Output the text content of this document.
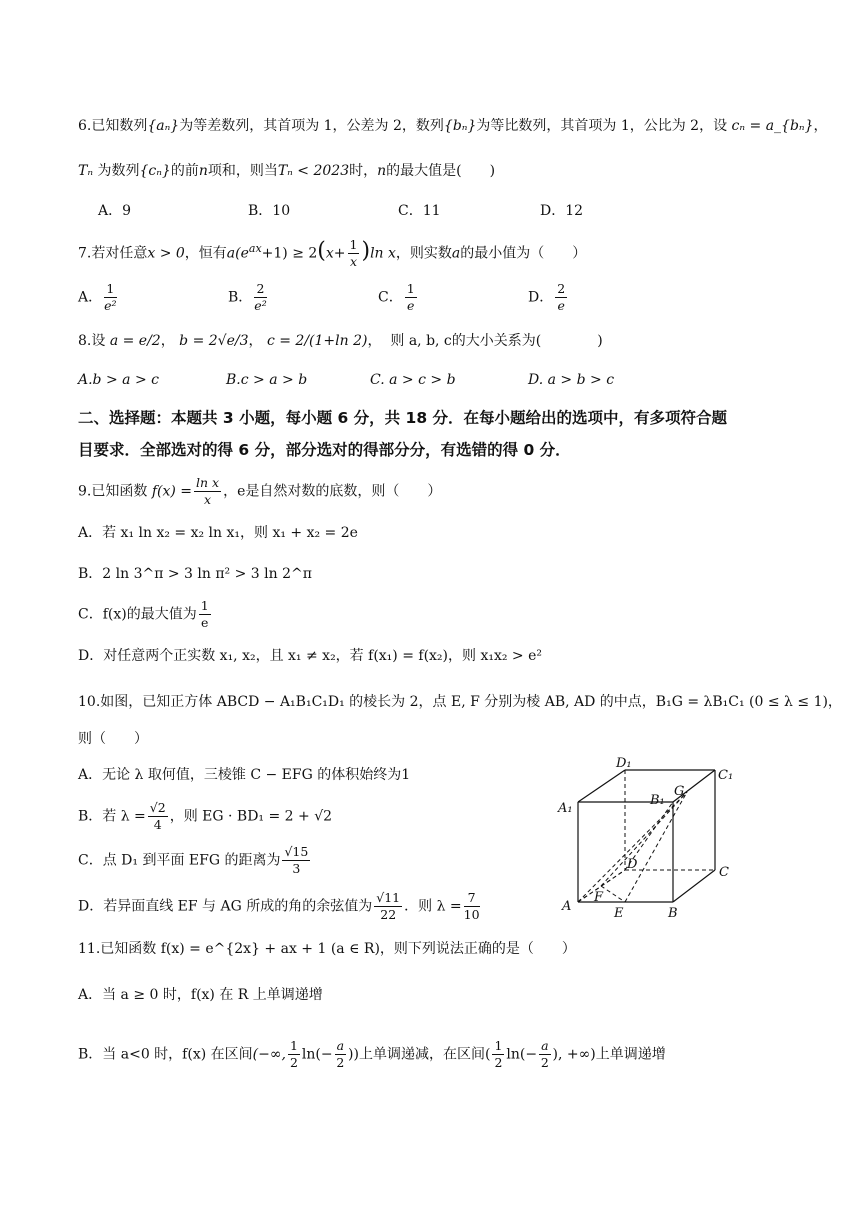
6.已知数列{aₙ}为等差数列，其首项为 1，公差为 2，数列{bₙ}为等比数列，其首项为 1，公比为 2，设 cₙ = a_{bₙ}，
Tₙ 为数列{cₙ}的前n项和，则当Tₙ < 2023时，n的最大值是(　　)
A．9	B．10	C．11	D．12
7.若对任意x > 0，恒有$a(e^{ax}+1) \ge 2(x+ \frac{1}{x} )\ln$ x，则实数a的最小值为（　　）
A． $\frac{1}{\text{e²}}$	B． $\frac{2}{\text{e²}}$	C． $\frac{1}{e}$	D． $\frac{2}{e}$
8.设 a = e/2， b = 2√e/3， c = 2/(1+ln 2)，  则 a, b, c的大小关系为(　　　　)
A.b > a > c	B.c > a > b	C. a > c > b	D. a > b > c
二、选择题：本题共 3 小题，每小题 6 分，共 18 分．在每小题给出的选项中，有多项符合题
目要求．全部选对的得 6 分，部分选对的得部分分，有选错的得 0 分．
9.已知函数 $f(x) = \frac{\text{ln x}}{x}$ ，e是自然对数的底数，则（　　）
A．若 x₁ ln x₂ = x₂ ln x₁，则 x₁ + x₂ = 2e
B．2 ln 3^π > 3 ln π² > 3 ln 2^π
C．f(x)的最大值为 $\frac{1}{e}$
D．对任意两个正实数 x₁, x₂，且 x₁ ≠ x₂，若 f(x₁) = f(x₂)，则 x₁x₂ > e²
10.如图，已知正方体 ABCD − A₁B₁C₁D₁ 的棱长为 2，点 E, F 分别为棱 AB, AD 的中点，B₁G = λB₁C₁ (0 ≤ λ ≤ 1)，
则（　　）
A．无论 λ 取何值，三棱锥 C − EFG 的体积始终为1
B．若 $\lambda = \frac{√2}{4}$ ，则 EG · BD₁ = 2 + √2
C．点 D₁ 到平面 EFG 的距离为 $\frac{√15}{3}$
D．若异面直线 EF 与 AG 所成的角的余弦值为 $\frac{√11}{22}$ ．则 $\lambda = \frac{7}{10}$
D₁
C₁
A₁
B₁
G
D
C
A
F
E	B
11.已知函数 f(x) = e^{2x} + ax + 1 (a ∈ R)，则下列说法正确的是（　　）
A．当 a ≥ 0 时，f(x) 在 R 上单调递增
B．当 a<0 时，f(x) 在区间(−∞, $\frac{1}{2} \ln(- \frac{a}{2}$ ))上单调递减，在区间( $\frac{1}{2} \ln(- \frac{a}{2}$ ), +∞)上单调递增
